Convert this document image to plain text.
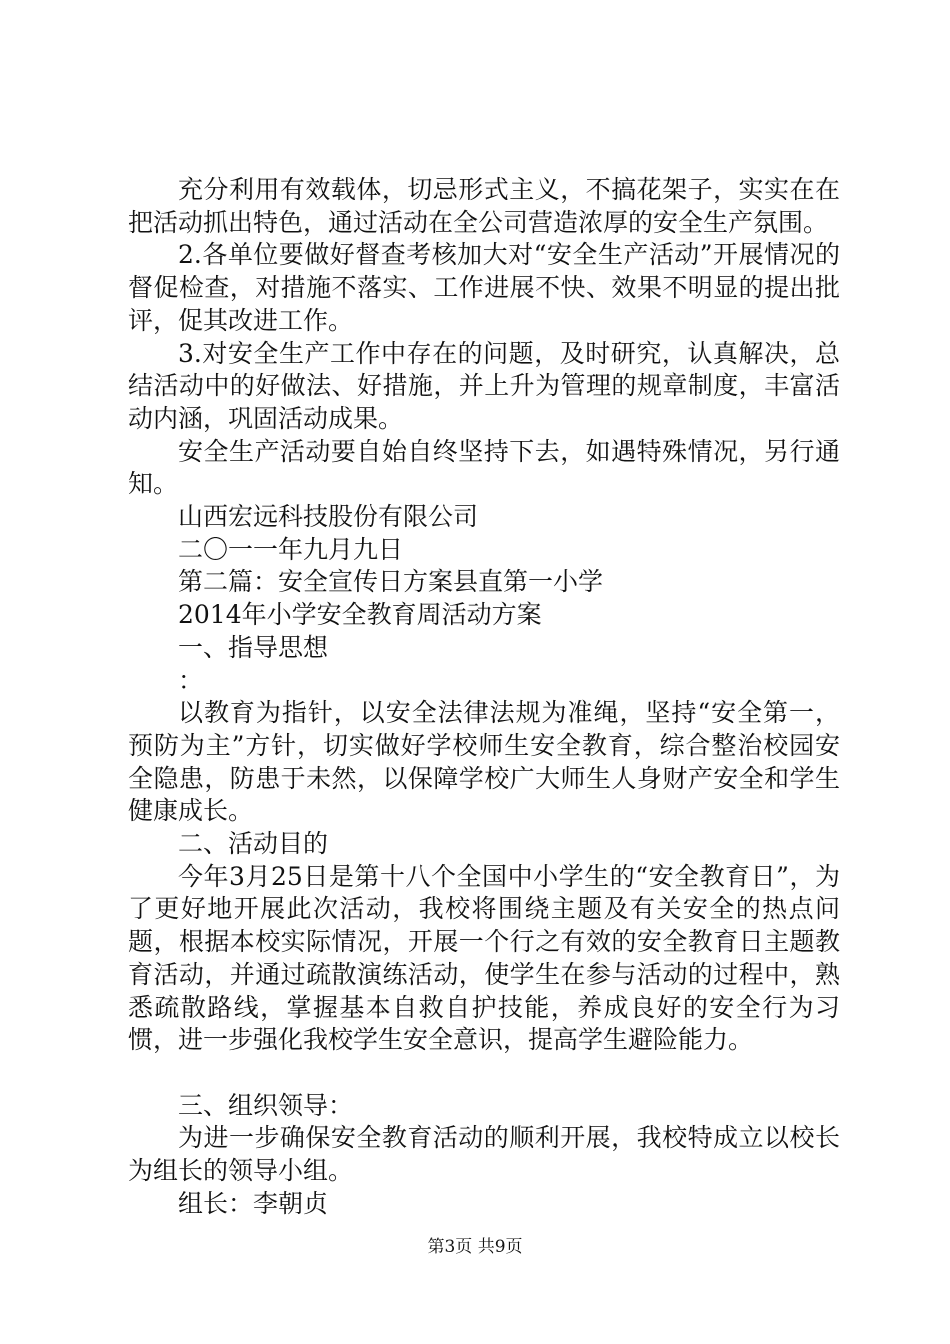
充分利用有效载体，切忌形式主义，不搞花架子，实实在在把活动抓出特色，通过活动在全公司营造浓厚的安全生产氛围。

2.各单位要做好督查考核加大对“安全生产活动”开展情况的督促检查，对措施不落实、工作进展不快、效果不明显的提出批评，促其改进工作。

3.对安全生产工作中存在的问题，及时研究，认真解决，总结活动中的好做法、好措施，并上升为管理的规章制度，丰富活动内涵，巩固活动成果。

安全生产活动要自始自终坚持下去，如遇特殊情况，另行通知。

山西宏远科技股份有限公司

二〇一一年九月九日

第二篇：安全宣传日方案县直第一小学

2014年小学安全教育周活动方案

一、指导思想

：

以教育为指针，以安全法律法规为准绳，坚持“安全第一，预防为主”方针，切实做好学校师生安全教育，综合整治校园安全隐患，防患于未然，以保障学校广大师生人身财产安全和学生健康成长。

二、活动目的

今年3月25日是第十八个全国中小学生的“安全教育日”，为了更好地开展此次活动，我校将围绕主题及有关安全的热点问题，根据本校实际情况，开展一个行之有效的安全教育日主题教育活动，并通过疏散演练活动，使学生在参与活动的过程中，熟悉疏散路线，掌握基本自救自护技能，养成良好的安全行为习惯，进一步强化我校学生安全意识，提高学生避险能力。

三、组织领导：

为进一步确保安全教育活动的顺利开展，我校特成立以校长为组长的领导小组。

组长：李朝贞

第3页 共9页
